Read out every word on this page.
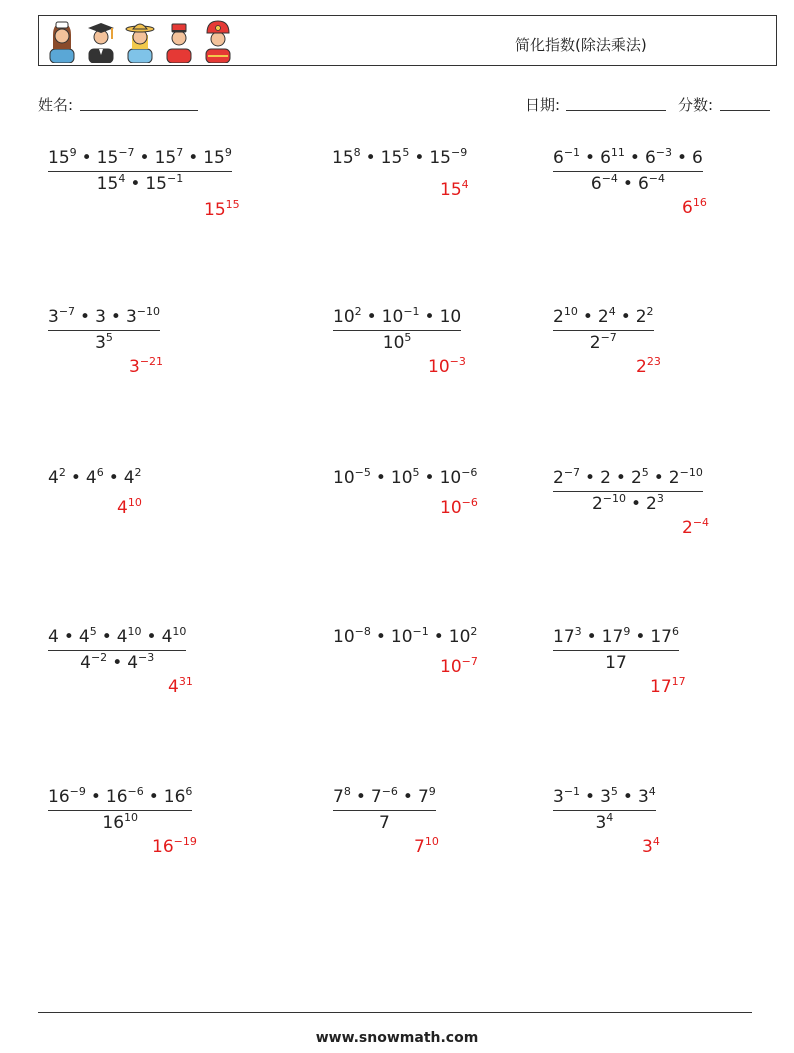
简化指数(除法乘法)
姓名:	日期:	分数:
$\frac{15^9 • 15^{-7} • 15^7 • 15^9}{15^4 • 15^{-1}}$
$15^{15}$
$15^8$ • $15^5$ • $15^{-9}$
$15^4$	$\frac{6^{-1} • 6^{11} • 6^{-3} • 6}{6^{-4} • 6^{-4}}$
$6^{16}$
$\frac{3^{-7} • 3 • 3^{-10}}{3^5}$
$3^{-21}$
$\frac{10^2 • 10^{-1} • 10}{10^5}$
$10^{-3}$
$\frac{2^{10} • 2^4 • 2^2}{2^{-7}}$
$2^{23}$
$4^2$ • $4^6$ • $4^2$
$4^{10}$
$10^{-5}$ • $10^5$ • $10^{-6}$
$10^{-6}$	$\frac{2^{-7} • 2 • 2^5 • 2^{-10}}{2^{-10} • 2^3}$
$2^{-4}$
$\frac{4 • 4^5 • 4^{10} • 4^{10}}{4^{-2} • 4^{-3}}$
$4^{31}$
$10^{-8}$ • $10^{-1}$ • $10^2$
$10^{-7}$	$\frac{17^3 • 17^9 • 17^6}{17}$
$17^{17}$
$\frac{16^{-9} • 16^{-6} • 16^6}{16^{10}}$
$16^{-19}$
$\frac{7^8 • 7^{-6} • 7^9}{7}$
$7^{10}$
$\frac{3^{-1} • 3^5 • 3^4}{3^4}$
$3^4$
www.snowmath.com
